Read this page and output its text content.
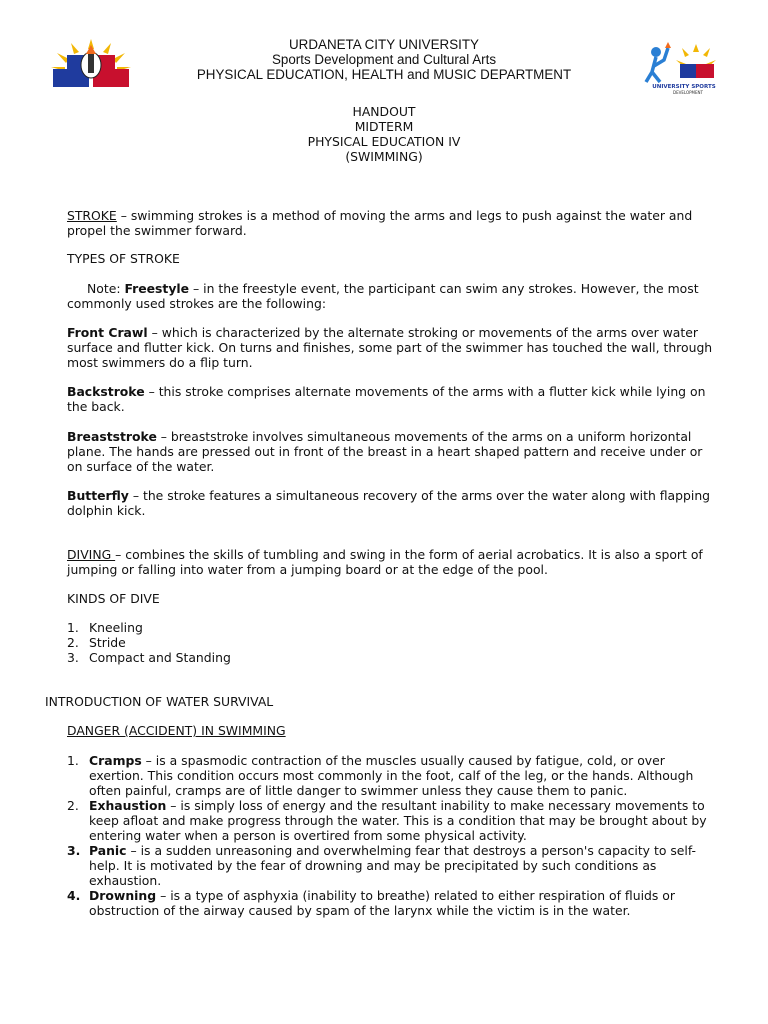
URDANETA CITY UNIVERSITY
Sports Development and Cultural Arts
PHYSICAL EDUCATION, HEALTH and MUSIC DEPARTMENT
UNIVERSITY SPORTS
DEVELOPMENT
HANDOUT
MIDTERM
PHYSICAL EDUCATION IV
(SWIMMING)

STROKE – swimming strokes is a method of moving the arms and legs to push against the water and propel the swimmer forward.

TYPES OF STROKE

Note: Freestyle – in the freestyle event, the participant can swim any strokes. However, the most commonly used strokes are the following:

Front Crawl – which is characterized by the alternate stroking or movements of the arms over water surface and flutter kick. On turns and finishes, some part of the swimmer has touched the wall, through most swimmers do a flip turn.

Backstroke – this stroke comprises alternate movements of the arms with a flutter kick while lying on the back.

Breaststroke – breaststroke involves simultaneous movements of the arms on a uniform horizontal plane. The hands are pressed out in front of the breast in a heart shaped pattern and receive under or on surface of the water.

Butterfly – the stroke features a simultaneous recovery of the arms over the water along with flapping dolphin kick.

DIVING – combines the skills of tumbling and swing in the form of aerial acrobatics. It is also a sport of jumping or falling into water from a jumping board or at the edge of the pool.

KINDS OF DIVE

1. Kneeling
2. Stride
3. Compact and Standing

INTRODUCTION OF WATER SURVIVAL

DANGER (ACCIDENT) IN SWIMMING

1. Cramps – is a spasmodic contraction of the muscles usually caused by fatigue, cold, or over exertion. This condition occurs most commonly in the foot, calf of the leg, or the hands. Although often painful, cramps are of little danger to swimmer unless they cause them to panic.
2. Exhaustion – is simply loss of energy and the resultant inability to make necessary movements to keep afloat and make progress through the water. This is a condition that may be brought about by entering water when a person is overtired from some physical activity.
3. Panic – is a sudden unreasoning and overwhelming fear that destroys a person's capacity to self-help. It is motivated by the fear of drowning and may be precipitated by such conditions as exhaustion.
4. Drowning – is a type of asphyxia (inability to breathe) related to either respiration of fluids or obstruction of the airway caused by spam of the larynx while the victim is in the water.
